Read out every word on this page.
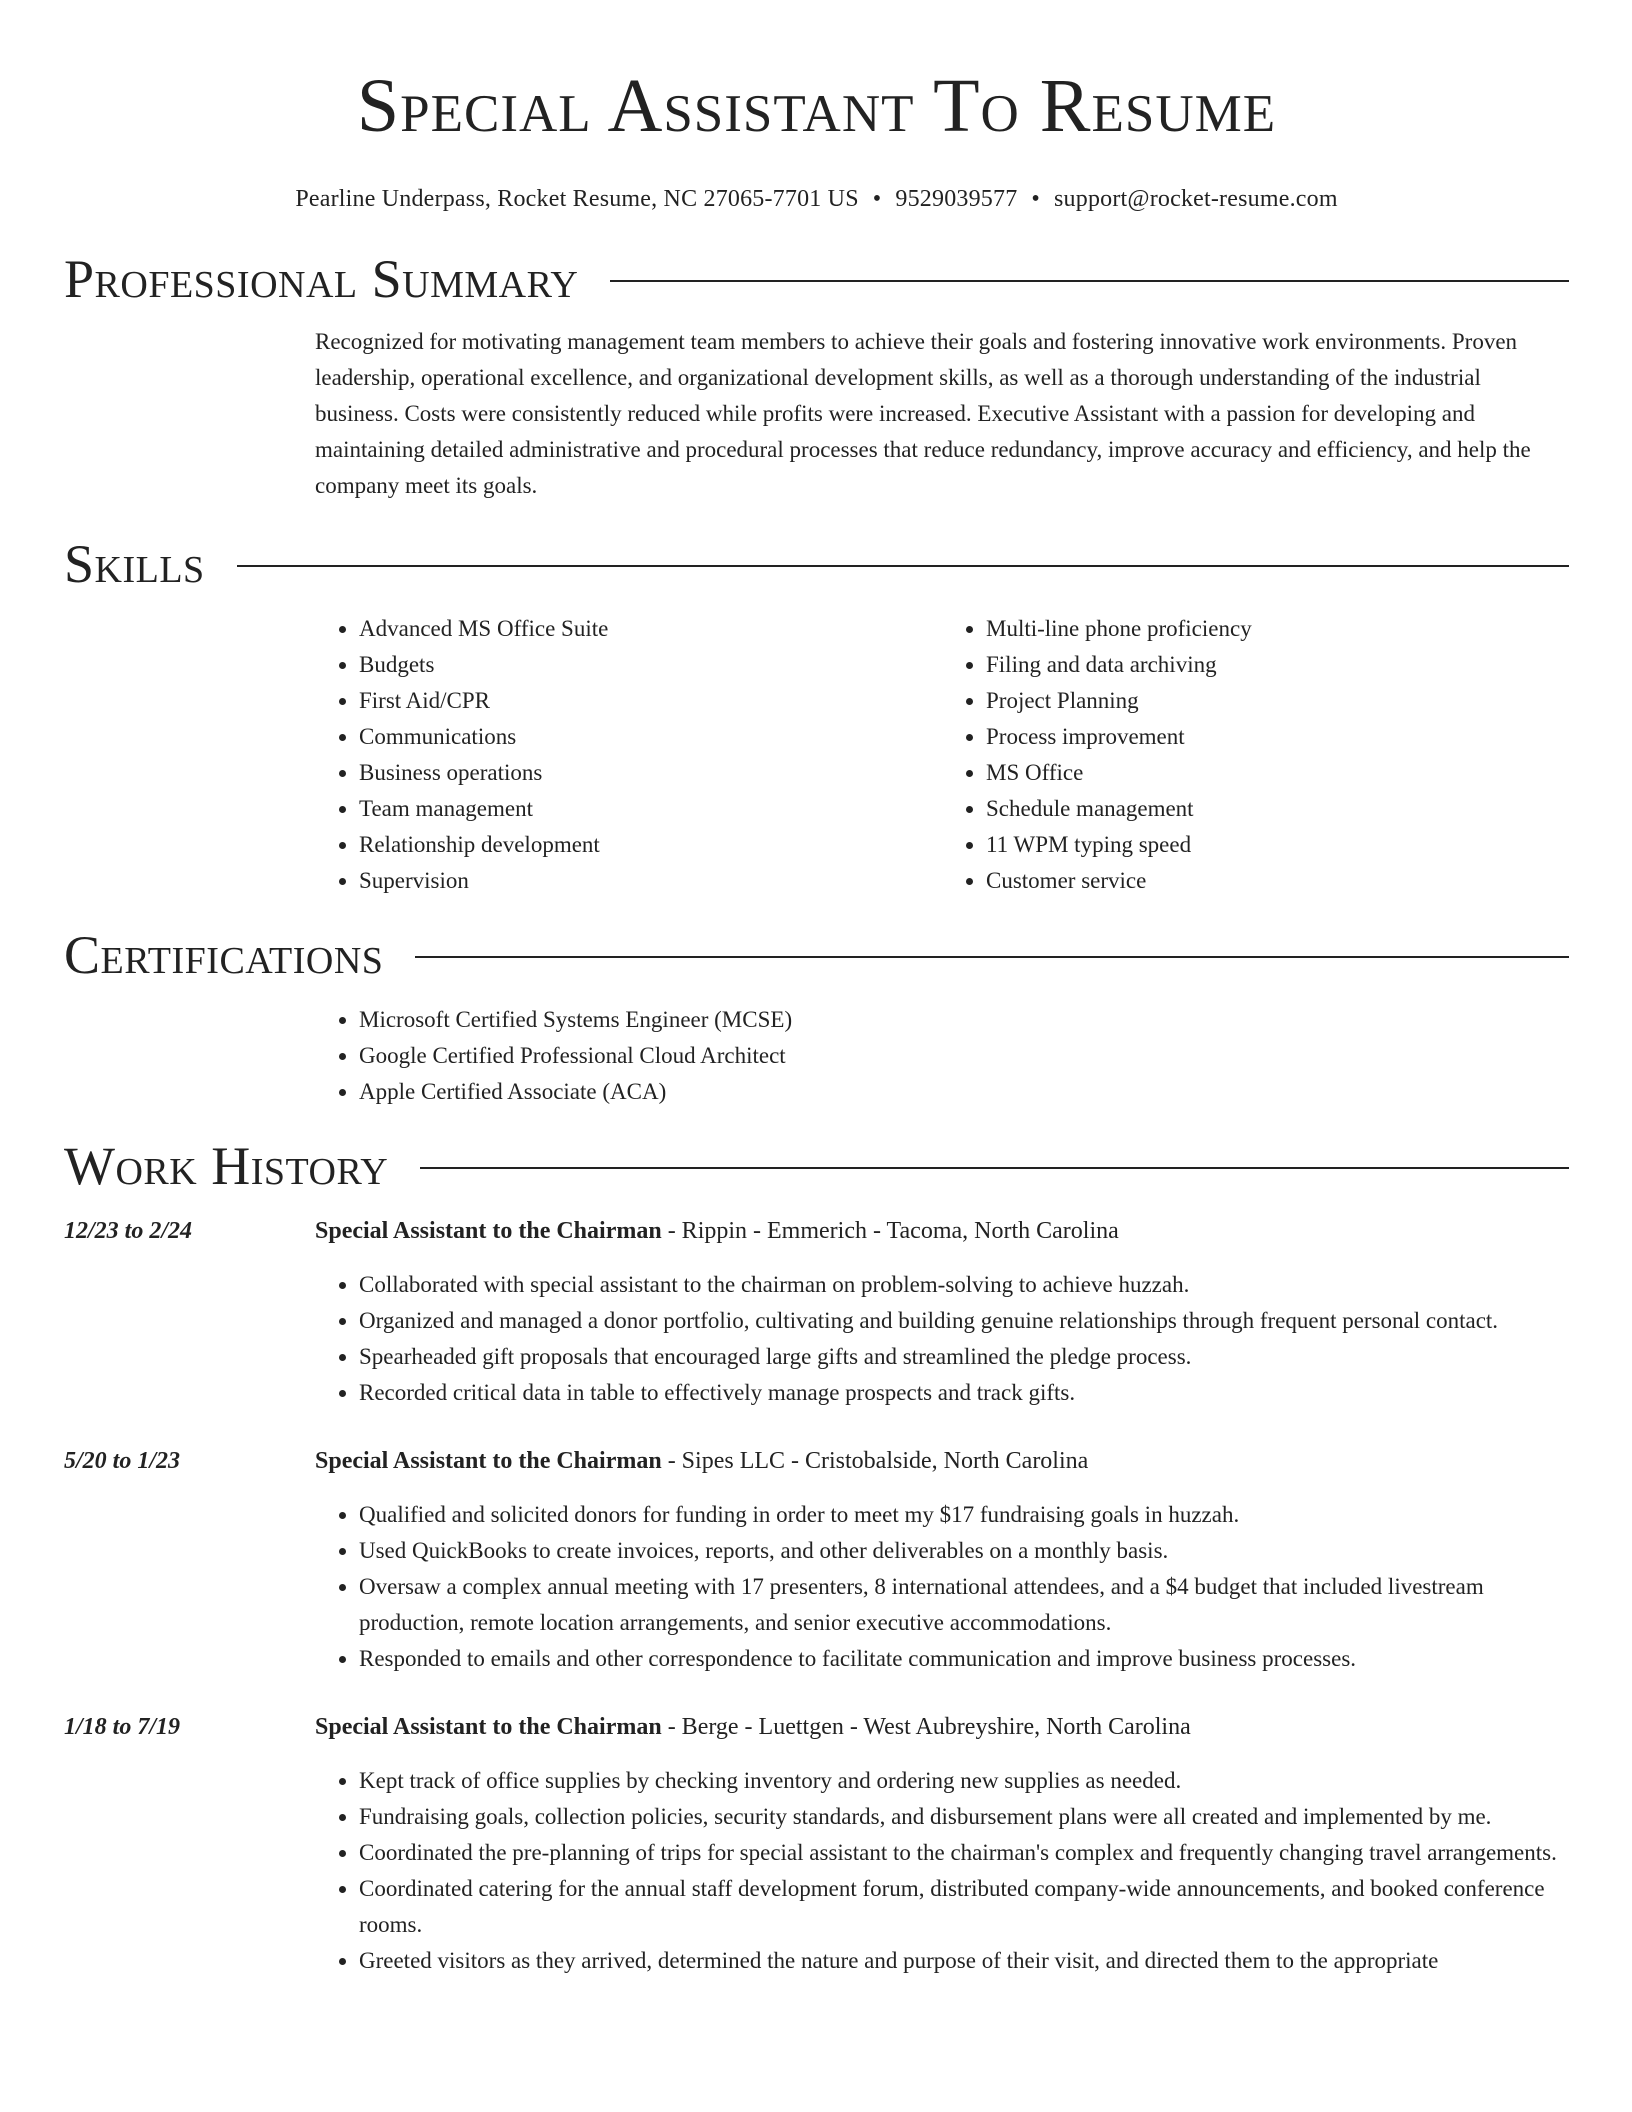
Special Assistant To Resume
Pearline Underpass, Rocket Resume, NC 27065-7701 US • 9529039577 • support@rocket-resume.com
Professional Summary

Recognized for motivating management team members to achieve their goals and fostering innovative work environments. Proven leadership, operational excellence, and organizational development skills, as well as a thorough understanding of the industrial business. Costs were consistently reduced while profits were increased. Executive Assistant with a passion for developing and maintaining detailed administrative and procedural processes that reduce redundancy, improve accuracy and efficiency, and help the company meet its goals.

Skills
• Advanced MS Office Suite
• Budgets
• First Aid/CPR
• Communications
• Business operations
• Team management
• Relationship development
• Supervision
• Multi-line phone proficiency
• Filing and data archiving
• Project Planning
• Process improvement
• MS Office
• Schedule management
• 11 WPM typing speed
• Customer service
Certifications
• Microsoft Certified Systems Engineer (MCSE)
• Google Certified Professional Cloud Architect
• Apple Certified Associate (ACA)
Work History
12/23 to 2/24	Special Assistant to the Chairman - Rippin - Emmerich - Tacoma, North Carolina
• Collaborated with special assistant to the chairman on problem-solving to achieve huzzah.
• Organized and managed a donor portfolio, cultivating and building genuine relationships through frequent personal contact.
• Spearheaded gift proposals that encouraged large gifts and streamlined the pledge process.
• Recorded critical data in table to effectively manage prospects and track gifts.
5/20 to 1/23	Special Assistant to the Chairman - Sipes LLC - Cristobalside, North Carolina
• Qualified and solicited donors for funding in order to meet my $17 fundraising goals in huzzah.
• Used QuickBooks to create invoices, reports, and other deliverables on a monthly basis.
• Oversaw a complex annual meeting with 17 presenters, 8 international attendees, and a $4 budget that included livestream production, remote location arrangements, and senior executive accommodations.
• Responded to emails and other correspondence to facilitate communication and improve business processes.
1/18 to 7/19	Special Assistant to the Chairman - Berge - Luettgen - West Aubreyshire, North Carolina
• Kept track of office supplies by checking inventory and ordering new supplies as needed.
• Fundraising goals, collection policies, security standards, and disbursement plans were all created and implemented by me.
• Coordinated the pre-planning of trips for special assistant to the chairman's complex and frequently changing travel arrangements.
• Coordinated catering for the annual staff development forum, distributed company-wide announcements, and booked conference rooms.
• Greeted visitors as they arrived, determined the nature and purpose of their visit, and directed them to the appropriate
